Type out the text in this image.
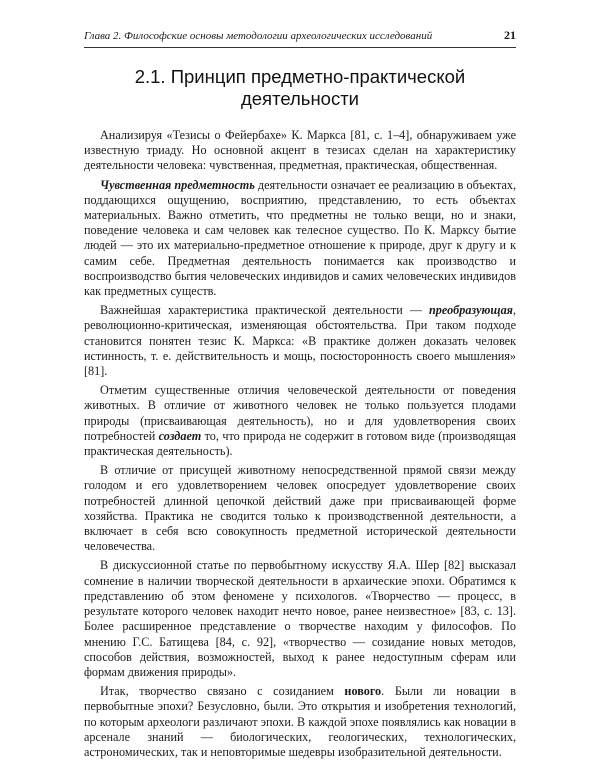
Глава 2. Философские основы методологии археологических исследований	21
2.1. Принцип предметно-практической деятельности

Анализируя «Тезисы о Фейербахе» К. Маркса [81, с. 1–4], обнаруживаем уже известную триаду. Но основной акцент в тезисах сделан на характеристику деятельности человека: чувственная, предметная, практическая, общественная.

Чувственная предметность деятельности означает ее реализацию в объектах, поддающихся ощущению, восприятию, представлению, то есть объектах материальных. Важно отметить, что предметны не только вещи, но и знаки, поведение человека и сам человек как телесное существо. По К. Марксу бытие людей — это их материально-предметное отношение к природе, друг к другу и к самим себе. Предметная деятельность понимается как производство и воспроизводство бытия человеческих индивидов и самих человеческих индивидов как предметных существ.

Важнейшая характеристика практической деятельности — преобразующая, революционно-критическая, изменяющая обстоятельства. При таком подходе становится понятен тезис К. Маркса: «В практике должен доказать человек истинность, т. е. действительность и мощь, посюсторонность своего мышления» [81].

Отметим существенные отличия человеческой деятельности от поведения животных. В отличие от животного человек не только пользуется плодами природы (присваивающая деятельность), но и для удовлетворения своих потребностей создает то, что природа не содержит в готовом виде (производящая практическая деятельность).

В отличие от присущей животному непосредственной прямой связи между голодом и его удовлетворением человек опосредует удовлетворение своих потребностей длинной цепочкой действий даже при присваивающей форме хозяйства. Практика не сводится только к производственной деятельности, а включает в себя всю совокупность предметной исторической деятельности человечества.

В дискуссионной статье по первобытному искусству Я.А. Шер [82] высказал сомнение в наличии творческой деятельности в архаические эпохи. Обратимся к представлению об этом феномене у психологов. «Творчество — процесс, в результате которого человек находит нечто новое, ранее неизвестное» [83, с. 13]. Более расширенное представление о творчестве находим у философов. По мнению Г.С. Батищева [84, с. 92], «творчество — созидание новых методов, способов действия, возможностей, выход к ранее недоступным сферам или формам движения природы».

Итак, творчество связано с созиданием нового. Были ли новации в первобытные эпохи? Безусловно, были. Это открытия и изобретения технологий, по которым археологи различают эпохи. В каждой эпохе появлялись как новации в арсенале знаний — биологических, геологических, технологических, астрономических, так и неповторимые шедевры изобразительной деятельности.
